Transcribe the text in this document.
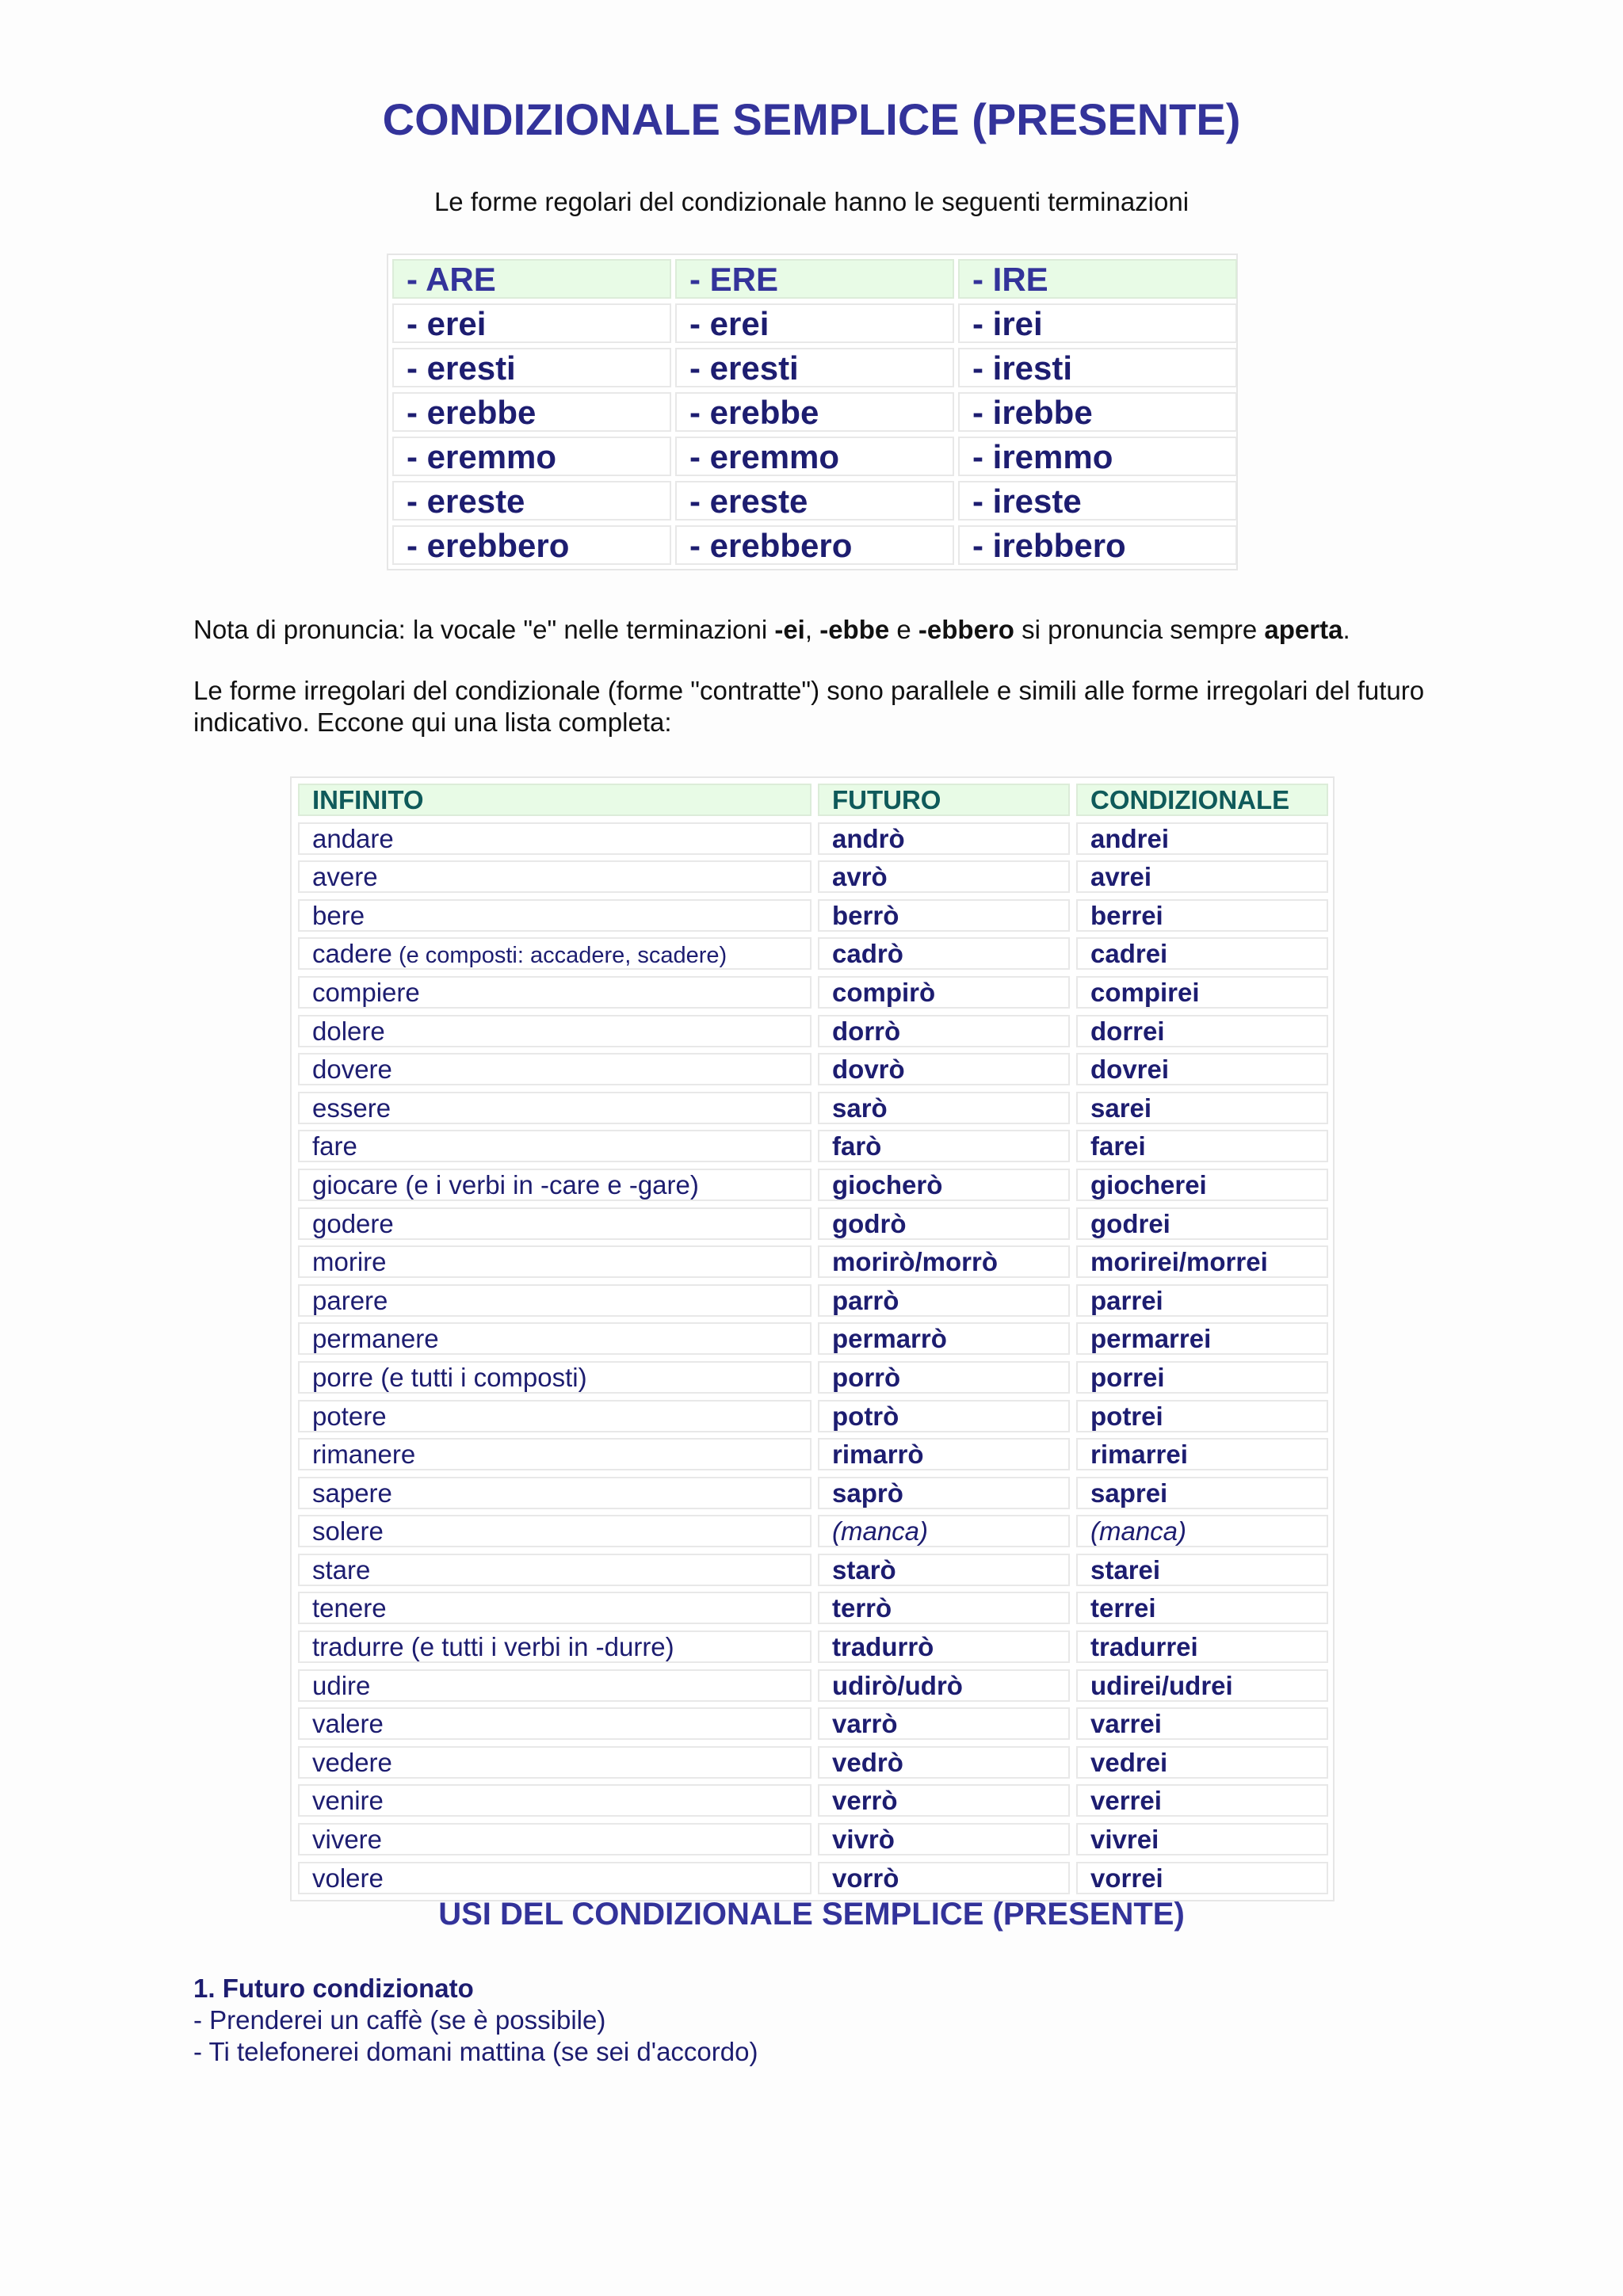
CONDIZIONALE SEMPLICE (PRESENTE)
Le forme regolari del condizionale hanno le seguenti terminazioni
- ARE	- ERE	- IRE
- erei	- erei	- irei
- eresti	- eresti	- iresti
- erebbe	- erebbe	- irebbe
- eremmo	- eremmo	- iremmo
- ereste	- ereste	- ireste
- erebbero	- erebbero	- irebbero
Nota di pronuncia: la vocale "e" nelle terminazioni -ei, -ebbe e -ebbero si pronuncia sempre aperta.
Le forme irregolari del condizionale (forme "contratte") sono parallele e simili alle forme irregolari del futuro indicativo. Eccone qui una lista completa:
INFINITO	FUTURO	CONDIZIONALE
andare	andrò	andrei
avere	avrò	avrei
bere	berrò	berrei
cadere (e composti: accadere, scadere)	cadrò	cadrei
compiere	compirò	compirei
dolere	dorrò	dorrei
dovere	dovrò	dovrei
essere	sarò	sarei
fare	farò	farei
giocare (e i verbi in -care e -gare)	giocherò	giocherei
godere	godrò	godrei
morire	morirò/morrò	morirei/morrei
parere	parrò	parrei
permanere	permarrò	permarrei
porre (e tutti i composti)	porrò	porrei
potere	potrò	potrei
rimanere	rimarrò	rimarrei
sapere	saprò	saprei
solere	(manca)	(manca)
stare	starò	starei
tenere	terrò	terrei
tradurre (e tutti i verbi in -durre)	tradurrò	tradurrei
udire	udirò/udrò	udirei/udrei
valere	varrò	varrei
vedere	vedrò	vedrei
venire	verrò	verrei
vivere	vivrò	vivrei
volere	vorrò	vorrei
USI DEL CONDIZIONALE SEMPLICE (PRESENTE)
1. Futuro condizionato
- Prenderei un caffè (se è possibile)
- Ti telefonerei domani mattina (se sei d'accordo)
